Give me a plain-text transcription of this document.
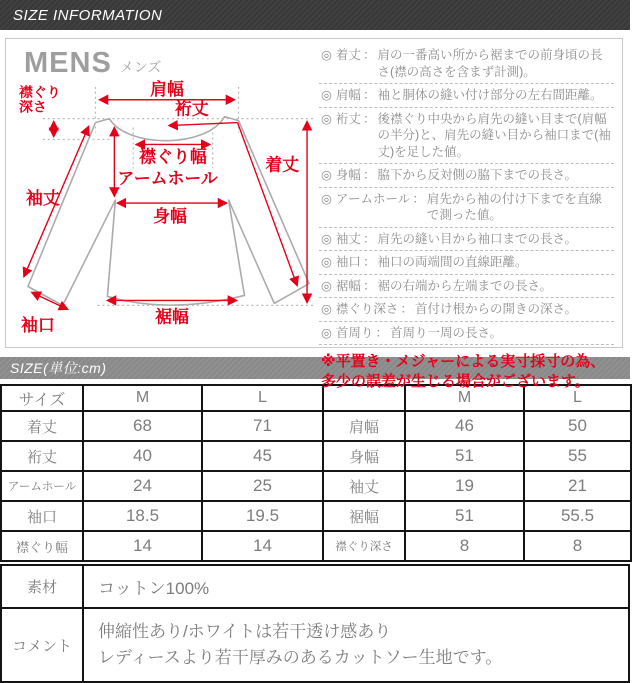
SIZE INFORMATION
MENS メンズ
肩幅
襟ぐり
深さ	裄丈
襟ぐり幅
アームホール
着丈
袖丈
身幅
裾幅
袖口
◎ 着丈 ： 肩の一番高い所から裾までの前身頃の長さ(襟の高さを含まず計測)。
◎ 肩幅 ： 袖と胴体の縫い付け部分の左右間距離。
◎ 裄丈 ： 後襟ぐり中央から肩先の縫い目まで(肩幅の半分)と、肩先の縫い目から袖口まで(袖丈)を足した値。
◎ 身幅 ： 脇下から反対側の脇下までの長さ。
◎ アームホール ： 肩先から袖の付け下までを直線で測った値。
◎ 袖丈 ： 肩先の縫い目から袖口までの長さ。
◎ 袖口 ： 袖口の両端間の直線距離。
◎ 裾幅 ： 裾の右端から左端までの長さ。
◎ 襟ぐり深さ ： 首付け根からの開きの深さ。
◎ 首周り ： 首周り一周の長さ。
※平置き・メジャーによる実寸採寸の為、多少の誤差が生じる場合がございます。
SIZE(単位:cm)
サイズ	M	L		M	L
着丈	68	71	肩幅	46	50
裄丈	40	45	身幅	51	55
アームホール	24	25	袖丈	19	21
袖口	18.5	19.5	裾幅	51	55.5
襟ぐり幅	14	14	襟ぐり深さ	8	8
素材	コットン100%
コメント	伸縮性あり/ホワイトは若干透け感あり
レディースより若干厚みのあるカットソー生地です。
